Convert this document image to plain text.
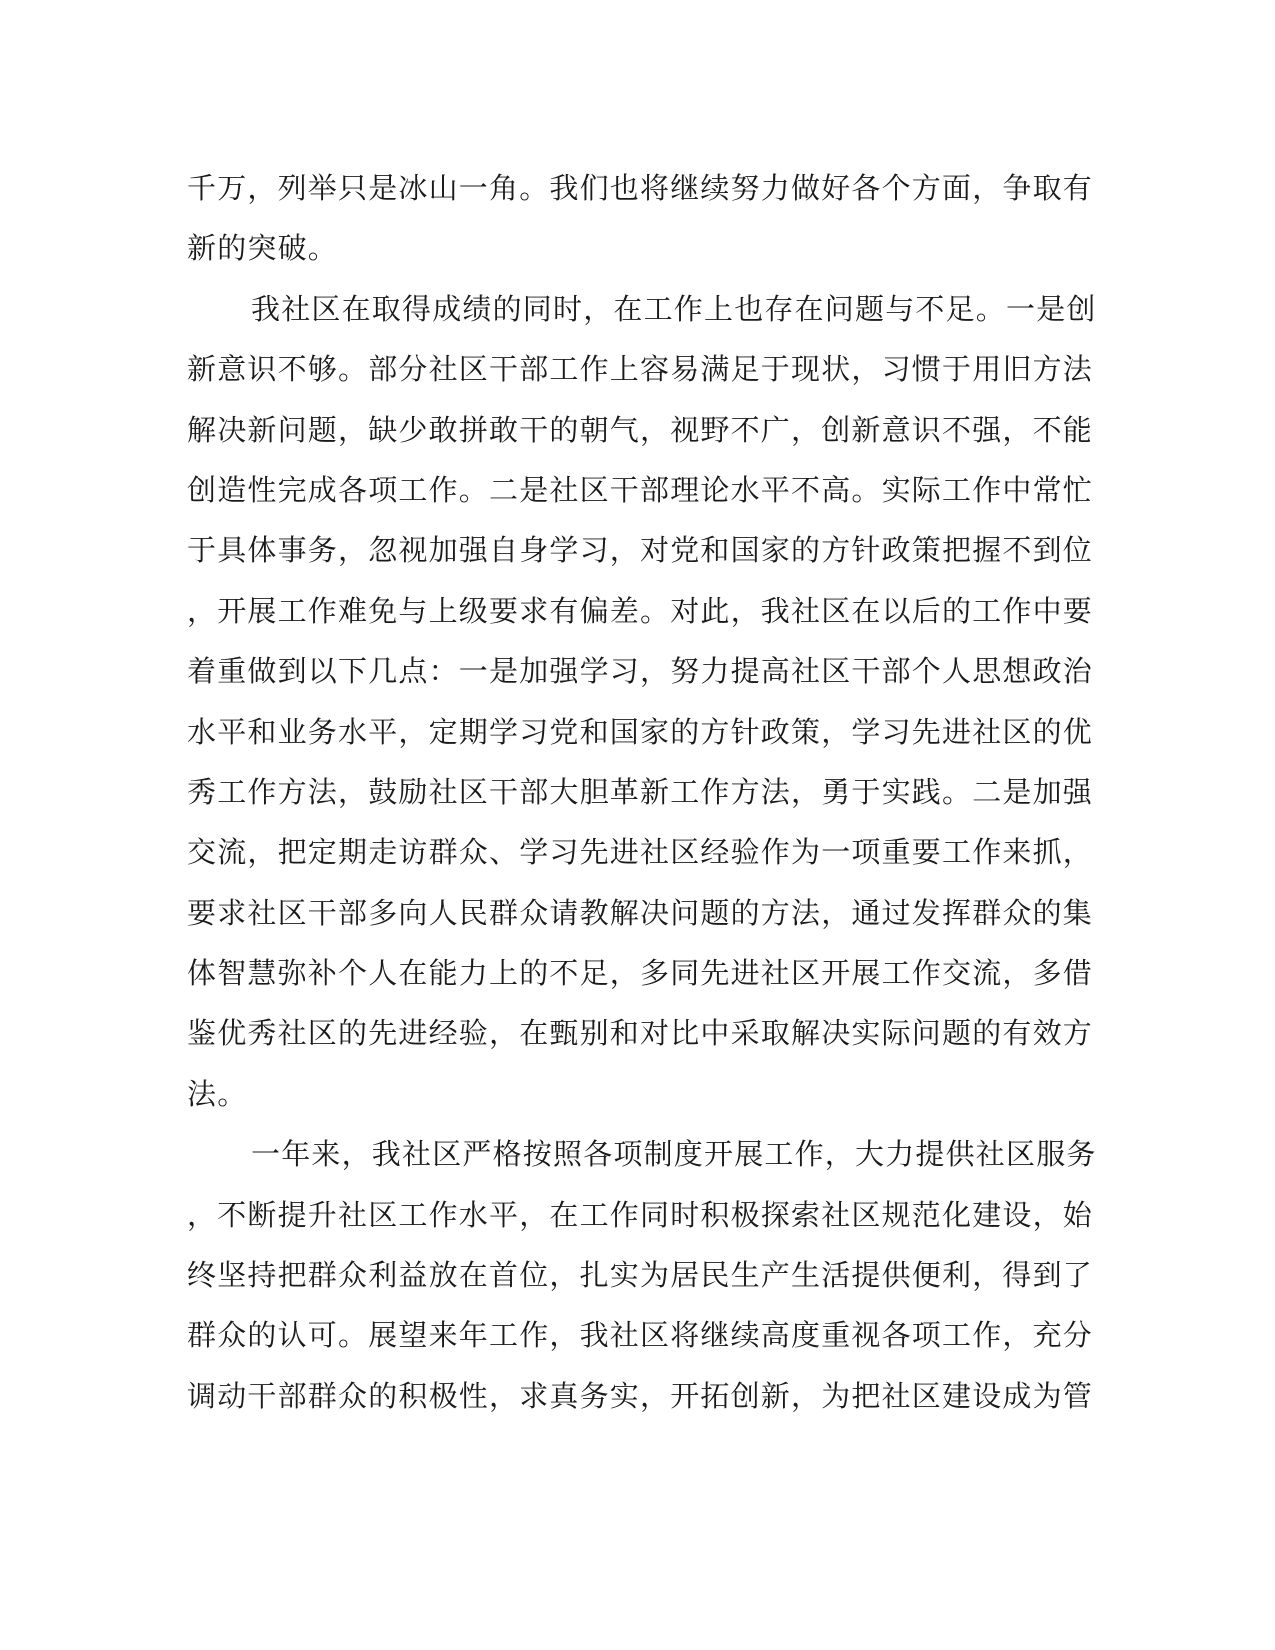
千万，列举只是冰山一角。我们也将继续努力做好各个方面，争取有
新的突破。
我社区在取得成绩的同时，在工作上也存在问题与不足。一是创
新意识不够。部分社区干部工作上容易满足于现状，习惯于用旧方法
解决新问题，缺少敢拼敢干的朝气，视野不广，创新意识不强，不能
创造性完成各项工作。二是社区干部理论水平不高。实际工作中常忙
于具体事务，忽视加强自身学习，对党和国家的方针政策把握不到位
，开展工作难免与上级要求有偏差。对此，我社区在以后的工作中要
着重做到以下几点：一是加强学习，努力提高社区干部个人思想政治
水平和业务水平，定期学习党和国家的方针政策，学习先进社区的优
秀工作方法，鼓励社区干部大胆革新工作方法，勇于实践。二是加强
交流，把定期走访群众、学习先进社区经验作为一项重要工作来抓，
要求社区干部多向人民群众请教解决问题的方法，通过发挥群众的集
体智慧弥补个人在能力上的不足，多同先进社区开展工作交流，多借
鉴优秀社区的先进经验，在甄别和对比中采取解决实际问题的有效方
法。
一年来，我社区严格按照各项制度开展工作，大力提供社区服务
，不断提升社区工作水平，在工作同时积极探索社区规范化建设，始
终坚持把群众利益放在首位，扎实为居民生产生活提供便利，得到了
群众的认可。展望来年工作，我社区将继续高度重视各项工作，充分
调动干部群众的积极性，求真务实，开拓创新，为把社区建设成为管
